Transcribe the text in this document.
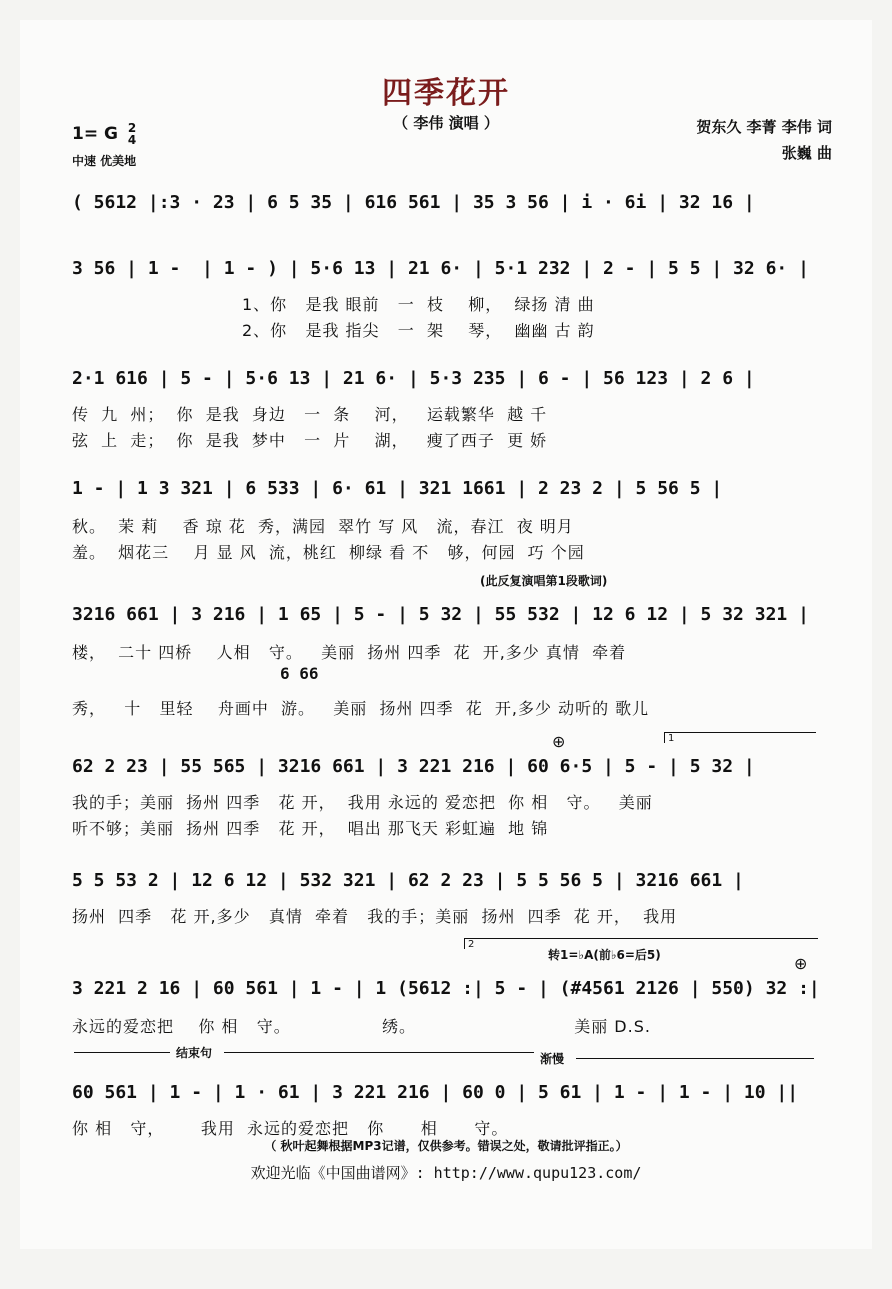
四季花开
（ 李伟 演唱 ）
1= G 2
4
中速 优美地
贺东久 李菁 李伟 词
张巍 曲
( 5612 |:3 · 23 | 6 5 35 | 616 561 | 35 3 56 | i · 6i | 32 16 |
3 56 | 1 -  | 1 - ) | 5·6 13 | 21 6· | 5·1 232 | 2 - | 5 5 | 32 6· |
1、你   是我 眼前   一  枝    柳，  绿扬 清 曲
2、你   是我 指尖   一  架    琴，  幽幽 古 韵
2·1 616 | 5 - | 5·6 13 | 21 6· | 5·3 235 | 6 - | 56 123 | 2 6 |
传  九  州；  你  是我  身边   一  条    河，   运载繁华  越 千
弦  上  走；  你  是我  梦中   一  片    湖，   瘦了西子  更 娇
1 - | 1 3 321 | 6 533 | 6· 61 | 321 1661 | 2 23 2 | 5 56 5 |
秋。  茉 莉    香 琼 花  秀，满园  翠竹 写 风   流，春江  夜 明月
羞。  烟花三    月 显 风  流，桃红  柳绿 看 不   够，何园  巧 个园
(此反复演唱第1段歌词)
3216 661 | 3 216 | 1 65 | 5 - | 5 32 | 55 532 | 12 6 12 | 5 32 321 |
楼，  二十 四桥    人相   守。   美丽  扬州 四季  花  开,多少 真情  牵着
6 66
秀，   十   里轻    舟画中  游。   美丽  扬州 四季  花  开,多少 动听的 歌儿
62 2 23 | 55 565 | 3216 661 | 3 221 216 | 60 6·5 | 5 - | 5 32 |
我的手；美丽  扬州 四季   花 开，  我用 永远的 爱恋把  你 相   守。   美丽
听不够；美丽  扬州 四季   花 开，  唱出 那飞天 彩虹遍  地 锦
1
⊕
5 5 53 2 | 12 6 12 | 532 321 | 62 2 23 | 5 5 56 5 | 3216 661 |
扬州  四季   花 开,多少   真情  牵着   我的手；美丽  扬州  四季  花 开，  我用
2
转1=♭A(前♭6=后5)	⊕
3 221 2 16 | 60 561 | 1 - | 1 (5612 :| 5 - | (#4561 2126 | 550) 32 :|
永远的爱恋把    你 相   守。               绣。                          美丽 D.S.
结束句	渐慢
60 561 | 1 - | 1 · 61 | 3 221 216 | 60 0 | 5 61 | 1 - | 1 - | 10 ||
你 相   守，      我用  永远的爱恋把   你      相      守。
（ 秋叶起舞根据MP3记谱，仅供参考。错误之处，敬请批评指正。）
欢迎光临《中国曲谱网》: http://www.qupu123.com/
